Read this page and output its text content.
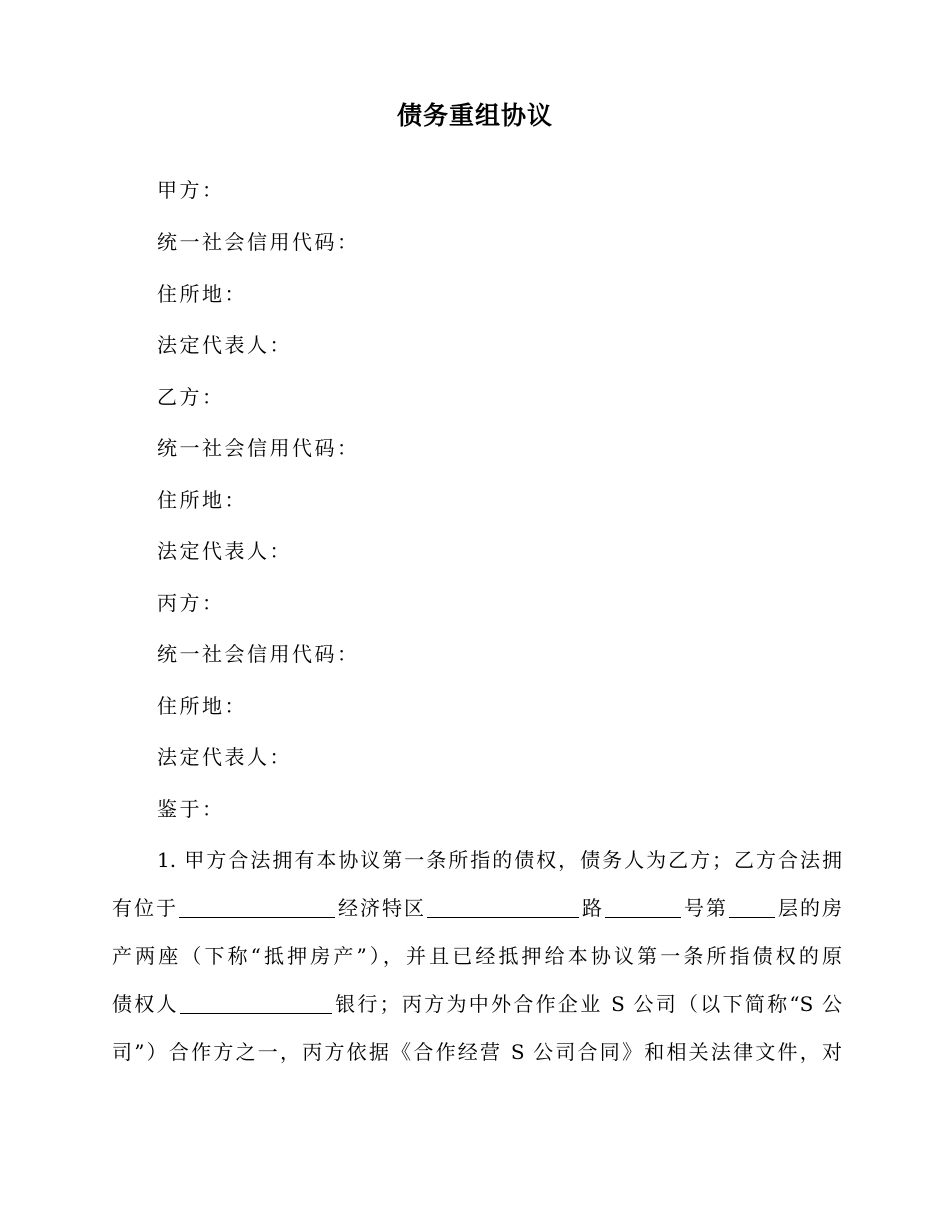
债务重组协议
甲方：
统一社会信用代码：
住所地：
法定代表人：
乙方：
统一社会信用代码：
住所地：
法定代表人：
丙方：
统一社会信用代码：
住所地：
法定代表人：
鉴于：
1. 甲方合法拥有本协议第一条所指的债权，债务人为乙方；乙方合法拥
有位于	经济特区	路	号第 层的房
产两座（下称“抵押房产”），并且已经抵押给本协议第一条所指债权的原
债权人	银行；丙方为中外合作企业 S 公司（以下简称“S 公
司”）合作方之一，丙方依据《合作经营 S 公司合同》和相关法律文件，对
